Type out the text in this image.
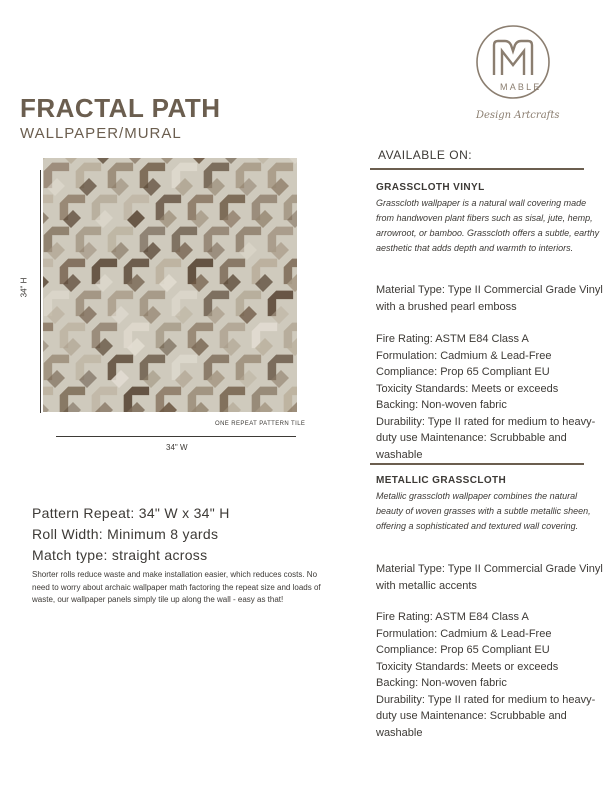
FRACTAL PATH
WALLPAPER/MURAL
34" H
ONE REPEAT PATTERN TILE
34" W
Pattern Repeat: 34" W x 34" H
Roll Width: Minimum 8 yards
Match type: straight across
Shorter rolls reduce waste and make installation easier, which reduces costs. No need to worry about archaic wallpaper math factoring the repeat size and loads of waste, our wallpaper panels simply tile up along the wall - easy as that!
MABLE
Design Artcrafts
AVAILABLE ON:
GRASSCLOTH VINYL
Grasscloth wallpaper is a natural wall covering made from handwoven plant fibers such as sisal, jute, hemp, arrowroot, or bamboo. Grasscloth offers a subtle, earthy aesthetic that adds depth and warmth to interiors.

Material Type: Type II Commercial Grade Vinyl with a brushed pearl emboss

Fire Rating: ASTM E84 Class A

Formulation: Cadmium & Lead-Free

Compliance: Prop 65 Compliant EU

Toxicity Standards: Meets or exceeds

Backing: Non-woven fabric

Durability: Type II rated for medium to heavy-duty use Maintenance: Scrubbable and washable

METALLIC GRASSCLOTH
Metallic grasscloth wallpaper combines the natural beauty of woven grasses with a subtle metallic sheen, offering a sophisticated and textured wall covering.

Material Type: Type II Commercial Grade Vinyl with metallic accents

Fire Rating: ASTM E84 Class A

Formulation: Cadmium & Lead-Free

Compliance: Prop 65 Compliant EU

Toxicity Standards: Meets or exceeds

Backing: Non-woven fabric

Durability: Type II rated for medium to heavy-duty use Maintenance: Scrubbable and washable
